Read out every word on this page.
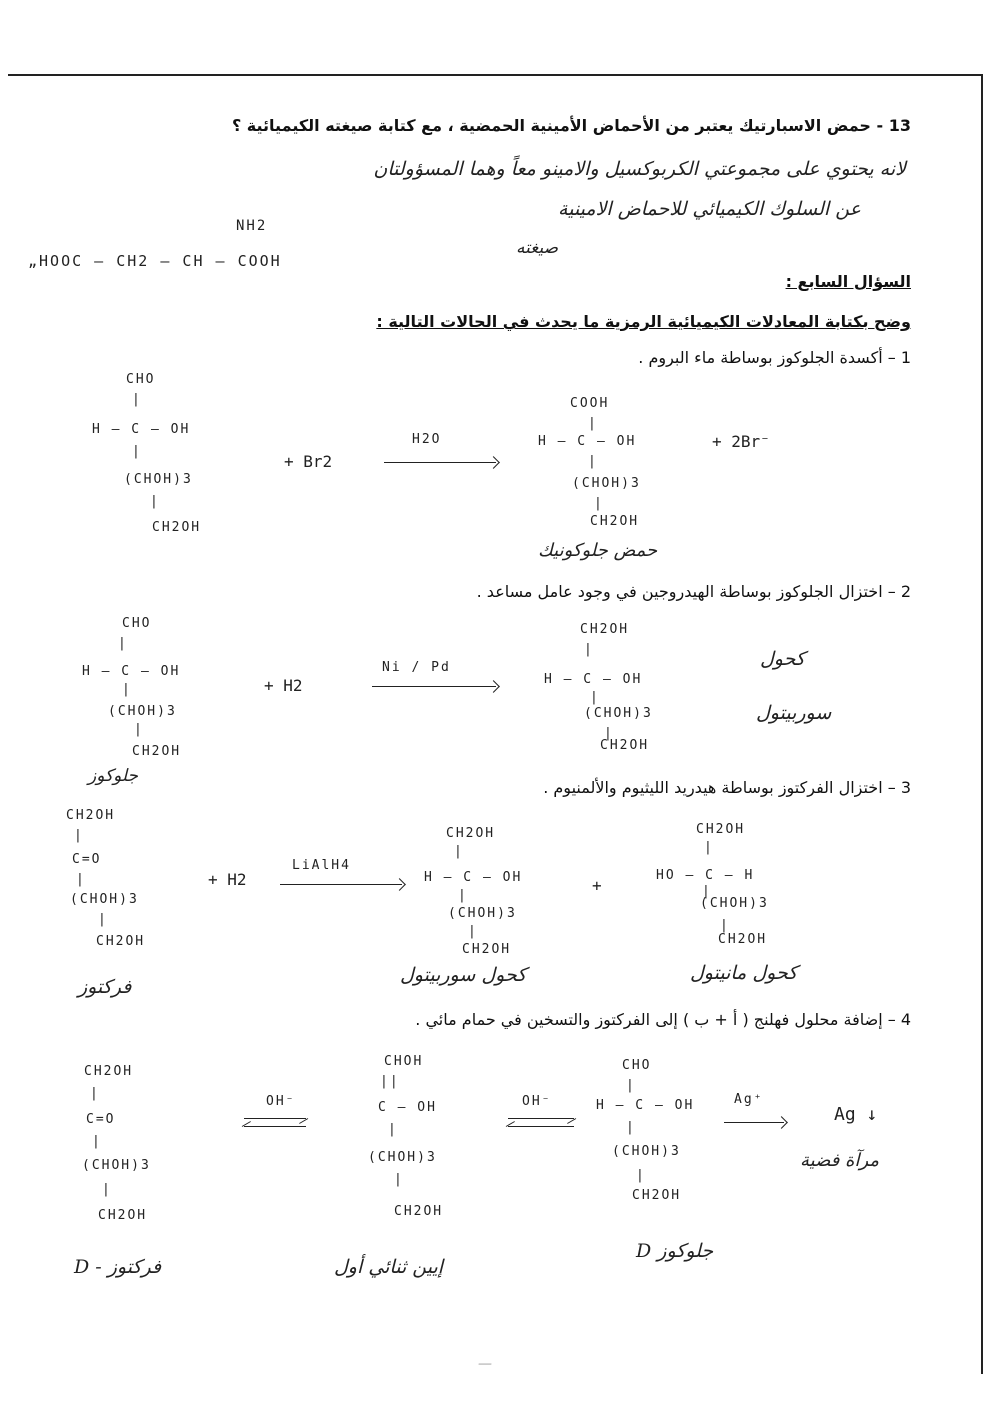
13 - حمض الاسبارتيك يعتبر من الأحماض الأمينية الحمضية ، مع كتابة صيغته الكيميائية ؟
لانه يحتوي على مجموعتي الكربوكسيل والامينو معاً وهما المسؤولتان
عن السلوك الكيميائي للاحماض الامينية
NH2
صيغته
„HOOC — CH2 — CH — COOH
السؤال السابع :
وضح بكتابة المعادلات الكيميائية الرمزية ما يحدث في الحالات التالية :
1 – أكسدة الجلوكوز بوساطة ماء البروم .
CHO
|
H – C – OH
|
(CHOH)3
|
CH2OH
+ Br2
H2O
COOH
|
H – C – OH
|
(CHOH)3
|
CH2OH
+ 2Br⁻
حمض جلوكونيك
2 – اختزال الجلوكوز بوساطة الهيدروجين في وجود عامل مساعد .
CHO
|
H – C – OH
|
(CHOH)3
|
CH2OH
جلوكوز
+ H2
Ni / Pd
CH2OH
|
H – C – OH
|
(CHOH)3
|
CH2OH
كحول
سوربيتول
3 – اختزال الفركتوز بوساطة هيدريد الليثيوم والألمنيوم .
CH2OH
|
C=O
|
(CHOH)3
|
CH2OH
فركتوز
+ H2
LiAlH4
CH2OH
|
H – C – OH
|
(CHOH)3
|
CH2OH
كحول سوربيتول
+
CH2OH
|
HO – C – H
|
(CHOH)3
|
CH2OH
كحول مانيتول
4 – إضافة محلول فهلنج ( أ + ب ) إلى الفركتوز والتسخين في حمام مائي .
CH2OH
|
C=O
|
(CHOH)3
|
CH2OH
D - فركتوز
OH⁻
CHOH
||
C – OH
|
(CHOH)3
|
CH2OH
إيين ثنائي أول
OH⁻
CHO
|
H – C – OH
|
(CHOH)3
|
CH2OH
D جلوكوز
Ag⁺
Ag ↓
مرآة فضية
—
